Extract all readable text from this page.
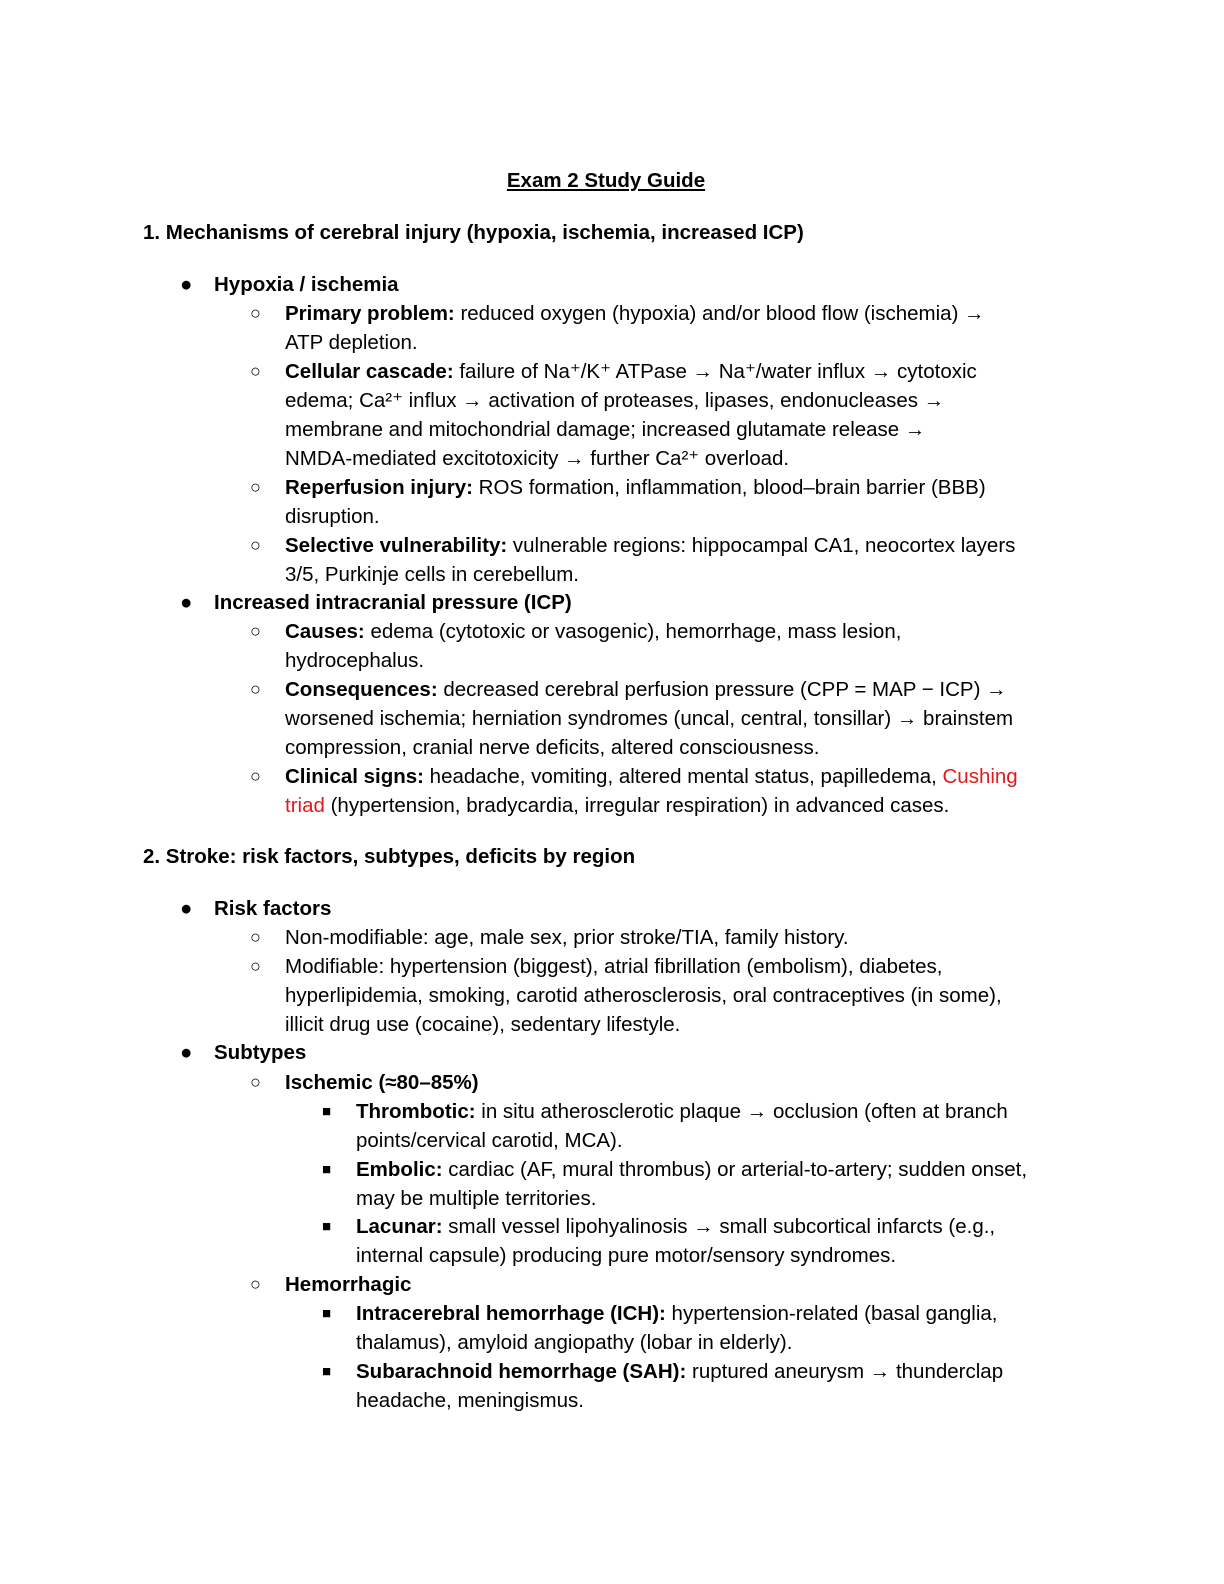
Exam 2 Study Guide
1. Mechanisms of cerebral injury (hypoxia, ischemia, increased ICP)
● Hypoxia / ischemia
○ Primary problem: reduced oxygen (hypoxia) and/or blood flow (ischemia) →
ATP depletion.
○ Cellular cascade: failure of Na⁺/K⁺ ATPase → Na⁺/water influx → cytotoxic
edema; Ca²⁺ influx → activation of proteases, lipases, endonucleases →
membrane and mitochondrial damage; increased glutamate release →
NMDA-mediated excitotoxicity → further Ca²⁺ overload.
○ Reperfusion injury: ROS formation, inflammation, blood–brain barrier (BBB)
disruption.
○ Selective vulnerability: vulnerable regions: hippocampal CA1, neocortex layers
3/5, Purkinje cells in cerebellum.
● Increased intracranial pressure (ICP)
○ Causes: edema (cytotoxic or vasogenic), hemorrhage, mass lesion,
hydrocephalus.
○ Consequences: decreased cerebral perfusion pressure (CPP = MAP − ICP) →
worsened ischemia; herniation syndromes (uncal, central, tonsillar) → brainstem
compression, cranial nerve deficits, altered consciousness.
○ Clinical signs: headache, vomiting, altered mental status, papilledema, Cushing
triad (hypertension, bradycardia, irregular respiration) in advanced cases.
2. Stroke: risk factors, subtypes, deficits by region
● Risk factors
○ Non-modifiable: age, male sex, prior stroke/TIA, family history.
○ Modifiable: hypertension (biggest), atrial fibrillation (embolism), diabetes,
hyperlipidemia, smoking, carotid atherosclerosis, oral contraceptives (in some),
illicit drug use (cocaine), sedentary lifestyle.
● Subtypes
○ Ischemic (≈80–85%)
■ Thrombotic: in situ atherosclerotic plaque → occlusion (often at branch
points/cervical carotid, MCA).
■ Embolic: cardiac (AF, mural thrombus) or arterial-to-artery; sudden onset,
may be multiple territories.
■ Lacunar: small vessel lipohyalinosis → small subcortical infarcts (e.g.,
internal capsule) producing pure motor/sensory syndromes.
○ Hemorrhagic
■ Intracerebral hemorrhage (ICH): hypertension-related (basal ganglia,
thalamus), amyloid angiopathy (lobar in elderly).
■ Subarachnoid hemorrhage (SAH): ruptured aneurysm → thunderclap
headache, meningismus.
